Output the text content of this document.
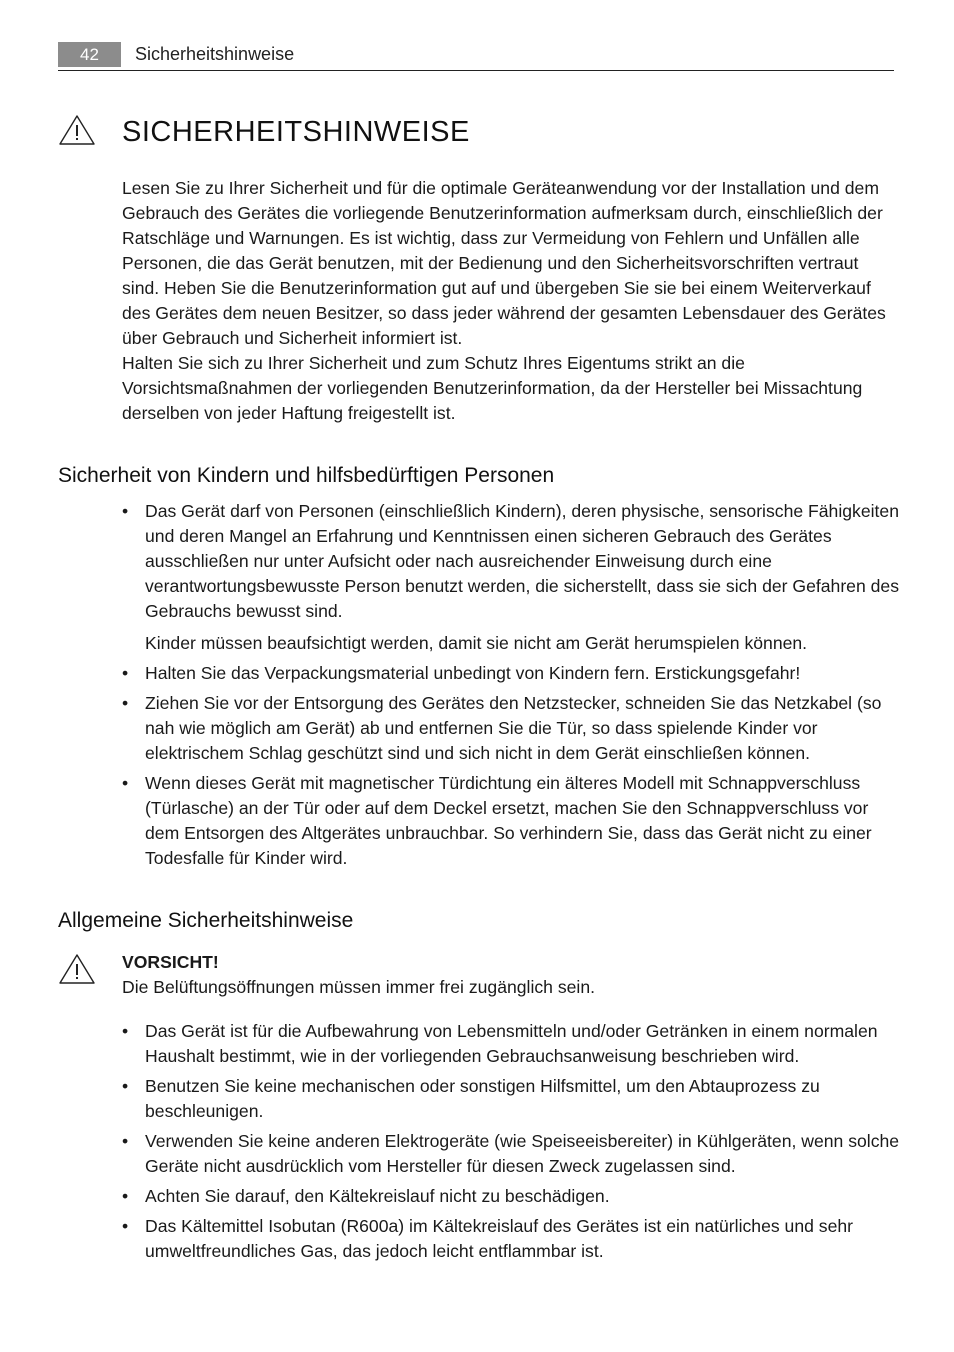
42	Sicherheitshinweise
SICHERHEITSHINWEISE

Lesen Sie zu Ihrer Sicherheit und für die optimale Geräteanwendung vor der Installation und dem Gebrauch des Gerätes die vorliegende Benutzerinformation aufmerksam durch, einschließlich der Ratschläge und Warnungen. Es ist wichtig, dass zur Vermeidung von Fehlern und Unfällen alle Personen, die das Gerät benutzen, mit der Bedienung und den Sicherheitsvorschriften vertraut sind. Heben Sie die Benutzerinformation gut auf und übergeben Sie sie bei einem Weiterverkauf des Gerätes dem neuen Besitzer, so dass jeder während der gesamten Lebensdauer des Gerätes über Gebrauch und Sicherheit informiert ist.

Halten Sie sich zu Ihrer Sicherheit und zum Schutz Ihres Eigentums strikt an die Vorsichtsmaßnahmen der vorliegenden Benutzerinformation, da der Hersteller bei Missachtung derselben von jeder Haftung freigestellt ist.

Sicherheit von Kindern und hilfsbedürftigen Personen
• Das Gerät darf von Personen (einschließlich Kindern), deren physische, sensorische Fähigkeiten und deren Mangel an Erfahrung und Kenntnissen einen sicheren Gebrauch des Gerätes ausschließen nur unter Aufsicht oder nach ausreichender Einweisung durch eine verantwortungsbewusste Person benutzt werden, die sicherstellt, dass sie sich der Gefahren des Gebrauchs bewusst sind.
Kinder müssen beaufsichtigt werden, damit sie nicht am Gerät herumspielen können.
• Halten Sie das Verpackungsmaterial unbedingt von Kindern fern. Erstickungsgefahr!
• Ziehen Sie vor der Entsorgung des Gerätes den Netzstecker, schneiden Sie das Netzkabel (so nah wie möglich am Gerät) ab und entfernen Sie die Tür, so dass spielende Kinder vor elektrischem Schlag geschützt sind und sich nicht in dem Gerät einschließen können.
• Wenn dieses Gerät mit magnetischer Türdichtung ein älteres Modell mit Schnappverschluss (Türlasche) an der Tür oder auf dem Deckel ersetzt, machen Sie den Schnappverschluss vor dem Entsorgen des Altgerätes unbrauchbar. So verhindern Sie, dass das Gerät nicht zu einer Todesfalle für Kinder wird.
Allgemeine Sicherheitshinweise
VORSICHT!
Die Belüftungsöffnungen müssen immer frei zugänglich sein.
• Das Gerät ist für die Aufbewahrung von Lebensmitteln und/oder Getränken in einem normalen Haushalt bestimmt, wie in der vorliegenden Gebrauchsanweisung beschrieben wird.
• Benutzen Sie keine mechanischen oder sonstigen Hilfsmittel, um den Abtauprozess zu beschleunigen.
• Verwenden Sie keine anderen Elektrogeräte (wie Speiseeisbereiter) in Kühlgeräten, wenn solche Geräte nicht ausdrücklich vom Hersteller für diesen Zweck zugelassen sind.
• Achten Sie darauf, den Kältekreislauf nicht zu beschädigen.
• Das Kältemittel Isobutan (R600a) im Kältekreislauf des Gerätes ist ein natürliches und sehr umweltfreundliches Gas, das jedoch leicht entflammbar ist.
